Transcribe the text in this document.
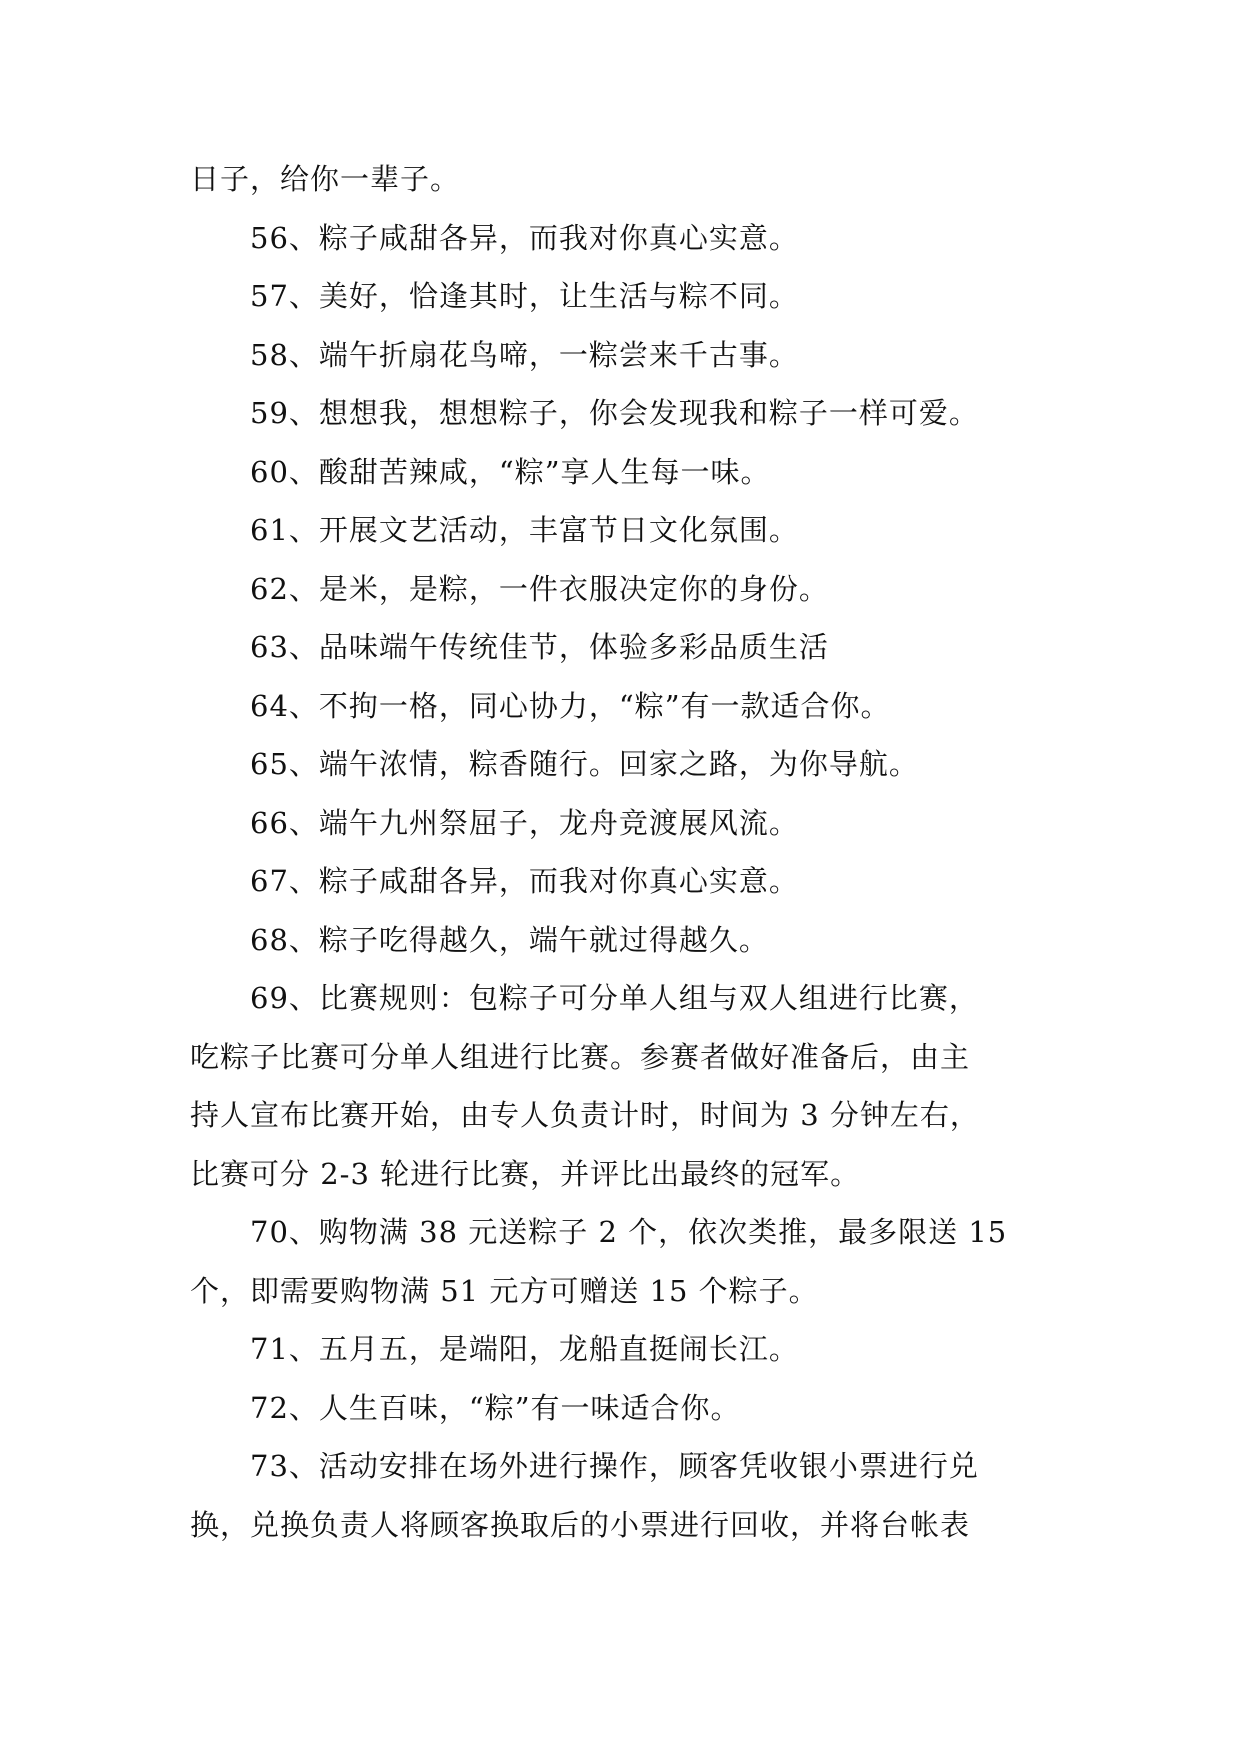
日子，给你一辈子。
56、粽子咸甜各异，而我对你真心实意。
57、美好，恰逢其时，让生活与粽不同。
58、端午折扇花鸟啼，一粽尝来千古事。
59、想想我，想想粽子，你会发现我和粽子一样可爱。
60、酸甜苦辣咸，“粽”享人生每一味。
61、开展文艺活动，丰富节日文化氛围。
62、是米，是粽，一件衣服决定你的身份。
63、品味端午传统佳节，体验多彩品质生活
64、不拘一格，同心协力，“粽”有一款适合你。
65、端午浓情，粽香随行。回家之路，为你导航。
66、端午九州祭屈子，龙舟竞渡展风流。
67、粽子咸甜各异，而我对你真心实意。
68、粽子吃得越久，端午就过得越久。
69、比赛规则：包粽子可分单人组与双人组进行比赛，
吃粽子比赛可分单人组进行比赛。参赛者做好准备后，由主
持人宣布比赛开始，由专人负责计时，时间为 3 分钟左右，
比赛可分 2-3 轮进行比赛，并评比出最终的冠军。
70、购物满 38 元送粽子 2 个，依次类推，最多限送 15
个，即需要购物满 51 元方可赠送 15 个粽子。
71、五月五，是端阳，龙船直挺闹长江。
72、人生百味，“粽”有一味适合你。
73、活动安排在场外进行操作，顾客凭收银小票进行兑
换，兑换负责人将顾客换取后的小票进行回收，并将台帐表
